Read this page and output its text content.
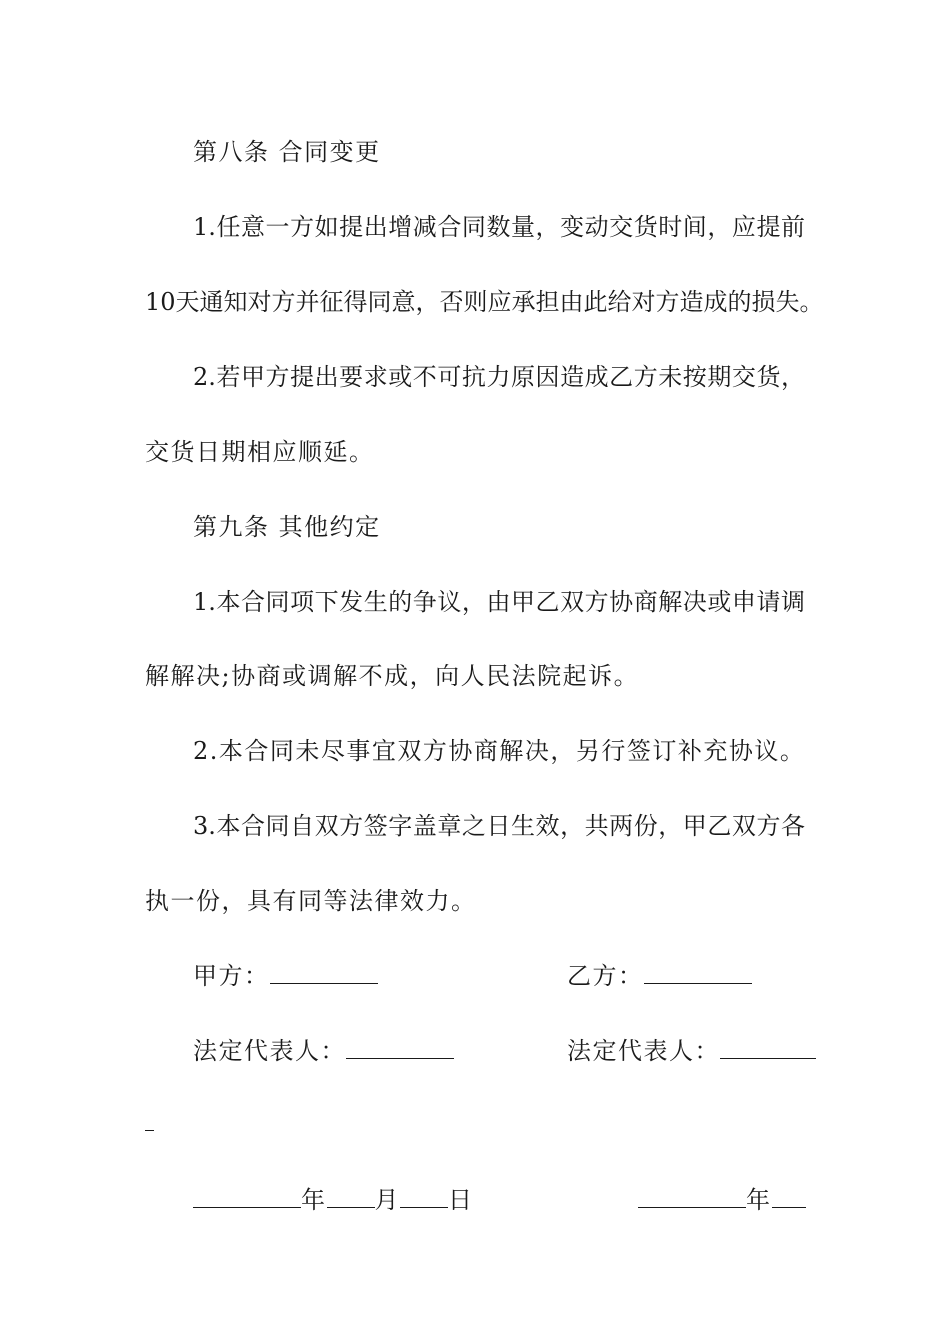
第八条 合同变更
1.任意一方如提出增减合同数量，变动交货时间，应提前
10天通知对方并征得同意，否则应承担由此给对方造成的损失。
2.若甲方提出要求或不可抗力原因造成乙方未按期交货，
交货日期相应顺延。
第九条 其他约定
1.本合同项下发生的争议，由甲乙双方协商解决或申请调
解解决;协商或调解不成，向人民法院起诉。
2.本合同未尽事宜双方协商解决，另行签订补充协议。
3.本合同自双方签字盖章之日生效，共两份，甲乙双方各
执一份，具有同等法律效力。
甲方：	乙方：
法定代表人：	法定代表人：
年 月 日	年
